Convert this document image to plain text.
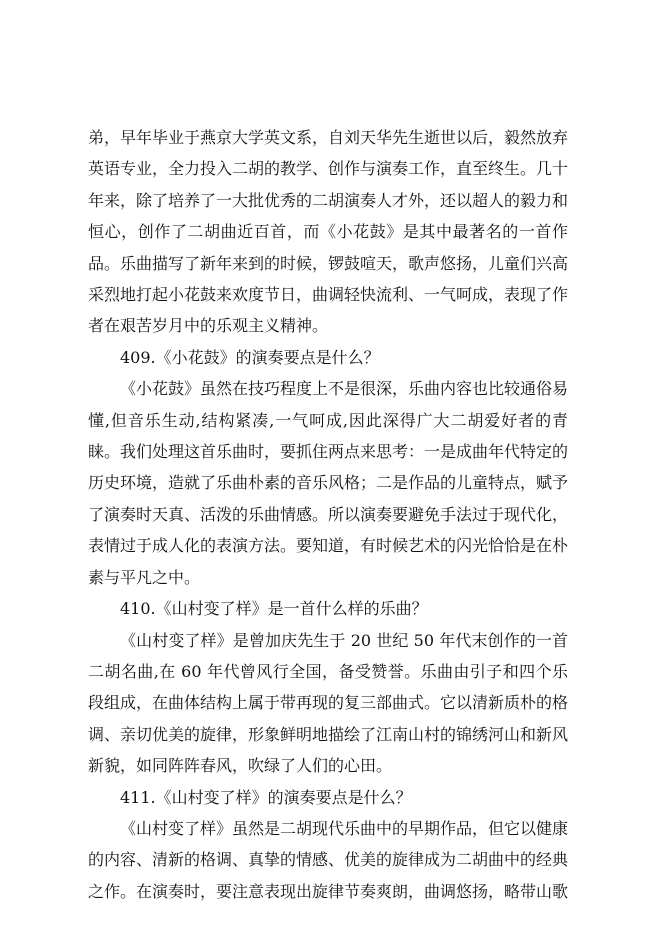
弟，早年毕业于燕京大学英文系，自刘天华先生逝世以后，毅然放弃英语专业，全力投入二胡的教学、创作与演奏工作，直至终生。几十年来，除了培养了一大批优秀的二胡演奏人才外，还以超人的毅力和恒心，创作了二胡曲近百首，而《小花鼓》是其中最著名的一首作品。乐曲描写了新年来到的时候，锣鼓喧天，歌声悠扬，儿童们兴高采烈地打起小花鼓来欢度节日，曲调轻快流利、一气呵成，表现了作者在艰苦岁月中的乐观主义精神。

409.《小花鼓》的演奏要点是什么？

《小花鼓》虽然在技巧程度上不是很深，乐曲内容也比较通俗易懂,但音乐生动,结构紧凑,一气呵成,因此深得广大二胡爱好者的青睐。我们处理这首乐曲时，要抓住两点来思考：一是成曲年代特定的历史环境，造就了乐曲朴素的音乐风格；二是作品的儿童特点，赋予了演奏时天真、活泼的乐曲情感。所以演奏要避免手法过于现代化，表情过于成人化的表演方法。要知道，有时候艺术的闪光恰恰是在朴素与平凡之中。

410.《山村变了样》是一首什么样的乐曲？

《山村变了样》是曾加庆先生于 20 世纪 50 年代末创作的一首二胡名曲,在 60 年代曾风行全国，备受赞誉。乐曲由引子和四个乐段组成，在曲体结构上属于带再现的复三部曲式。它以清新质朴的格调、亲切优美的旋律，形象鲜明地描绘了江南山村的锦绣河山和新风新貌，如同阵阵春风，吹绿了人们的心田。

411.《山村变了样》的演奏要点是什么？

《山村变了样》虽然是二胡现代乐曲中的早期作品，但它以健康的内容、清新的格调、真挚的情感、优美的旋律成为二胡曲中的经典之作。在演奏时，要注意表现出旋律节奏爽朗，曲调悠扬，略带山歌
